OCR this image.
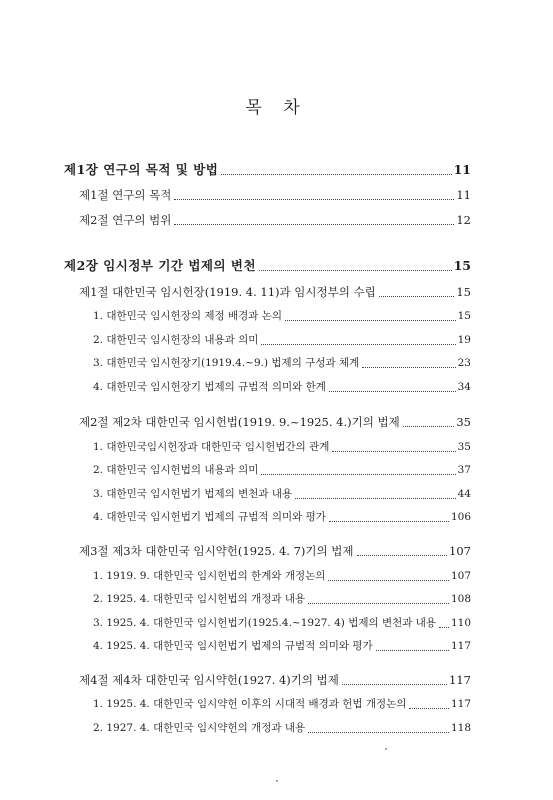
목 차
제1장 연구의 목적 및 방법	11
제1절 연구의 목적	11
제2절 연구의 범위	12
제2장 임시정부 기간 법제의 변천	15
제1절 대한민국 임시헌장(1919. 4. 11)과 임시정부의 수립	15
1. 대한민국 임시헌장의 제정 배경과 논의	15
2. 대한민국 임시헌장의 내용과 의미	19
3. 대한민국 임시헌장기(1919.4.~9.) 법제의 구성과 체계	23
4. 대한민국 임시헌장기 법제의 규범적 의미와 한계	34
제2절 제2차 대한민국 임시헌법(1919. 9.~1925. 4.)기의 법제	35
1. 대한민국임시헌장과 대한민국 임시헌법간의 관계	35
2. 대한민국 임시헌법의 내용과 의미	37
3. 대한민국 임시헌법기 법제의 변천과 내용	44
4. 대한민국 임시헌법기 법제의 규범적 의미와 평가	106
제3절 제3차 대한민국 임시약헌(1925. 4. 7)기의 법제	107
1. 1919. 9. 대한민국 임시헌법의 한계와 개정논의	107
2. 1925. 4. 대한민국 임시헌법의 개정과 내용	108
3. 1925. 4. 대한민국 임시헌법기(1925.4.~1927. 4) 법제의 변천과 내용 110
4. 1925. 4. 대한민국 임시헌법기 법제의 규범적 의미와 평가	117
제4절 제4차 대한민국 임시약헌(1927. 4)기의 법제	117
1. 1925. 4. 대한민국 임시약헌 이후의 시대적 배경과 헌법 개정논의	117
2. 1927. 4. 대한민국 임시약헌의 개정과 내용	118
